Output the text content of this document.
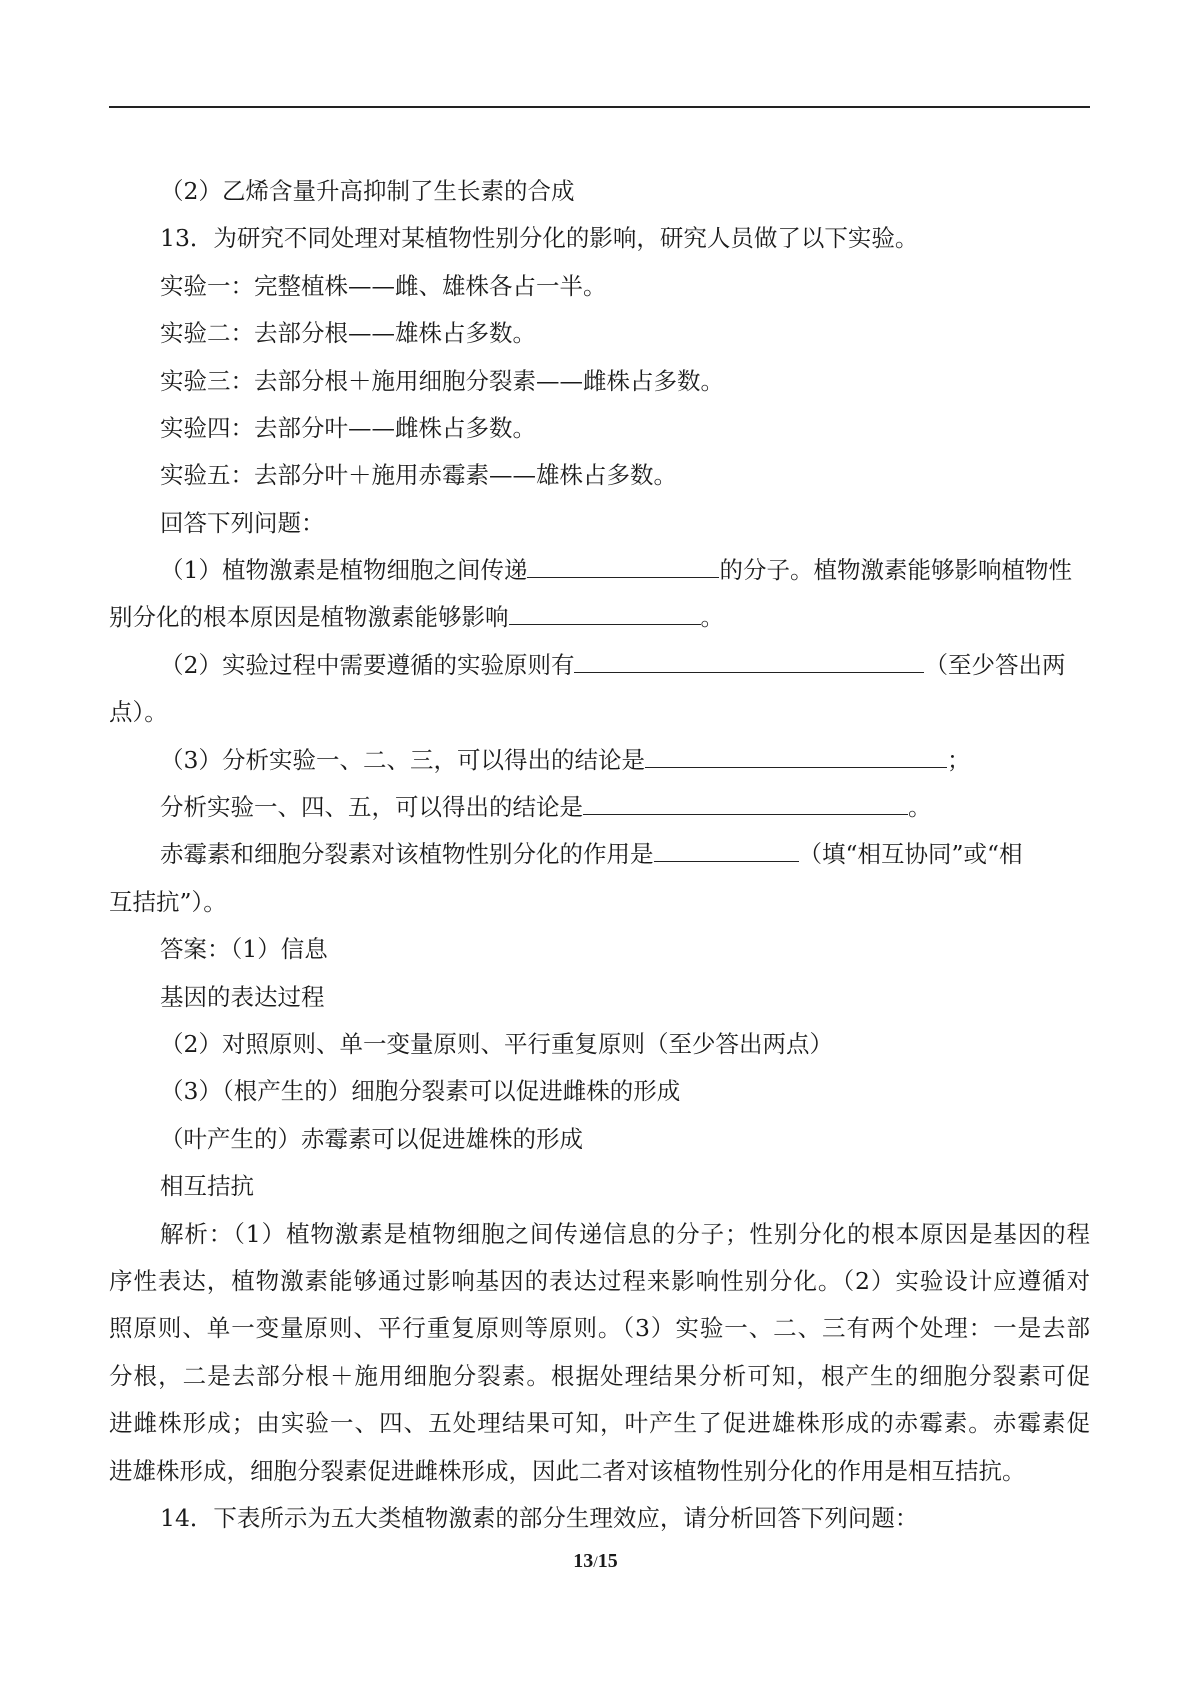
（2）乙烯含量升高抑制了生长素的合成

13．为研究不同处理对某植物性别分化的影响，研究人员做了以下实验。

实验一：完整植株——雌、雄株各占一半。

实验二：去部分根——雄株占多数。

实验三：去部分根＋施用细胞分裂素——雌株占多数。

实验四：去部分叶——雌株占多数。

实验五：去部分叶＋施用赤霉素——雄株占多数。

回答下列问题：

（1）植物激素是植物细胞之间传递	的分子。植物激素能够影响植物性

别分化的根本原因是植物激素能够影响	。

（2）实验过程中需要遵循的实验原则有	（至少答出两

点）。

（3）分析实验一、二、三，可以得出的结论是	；

分析实验一、四、五，可以得出的结论是	。

赤霉素和细胞分裂素对该植物性别分化的作用是	（填“相互协同”或“相

互拮抗”）。

答案：（1）信息

基因的表达过程

（2）对照原则、单一变量原则、平行重复原则（至少答出两点）

（3）（根产生的）细胞分裂素可以促进雌株的形成

（叶产生的）赤霉素可以促进雄株的形成

相互拮抗

解析：（1）植物激素是植物细胞之间传递信息的分子；性别分化的根本原因是基因的程

序性表达，植物激素能够通过影响基因的表达过程来影响性别分化。（2）实验设计应遵循对

照原则、单一变量原则、平行重复原则等原则。（3）实验一、二、三有两个处理：一是去部

分根，二是去部分根＋施用细胞分裂素。根据处理结果分析可知，根产生的细胞分裂素可促

进雌株形成；由实验一、四、五处理结果可知，叶产生了促进雄株形成的赤霉素。赤霉素促

进雄株形成，细胞分裂素促进雌株形成，因此二者对该植物性别分化的作用是相互拮抗。

14．下表所示为五大类植物激素的部分生理效应，请分析回答下列问题：

13/15
